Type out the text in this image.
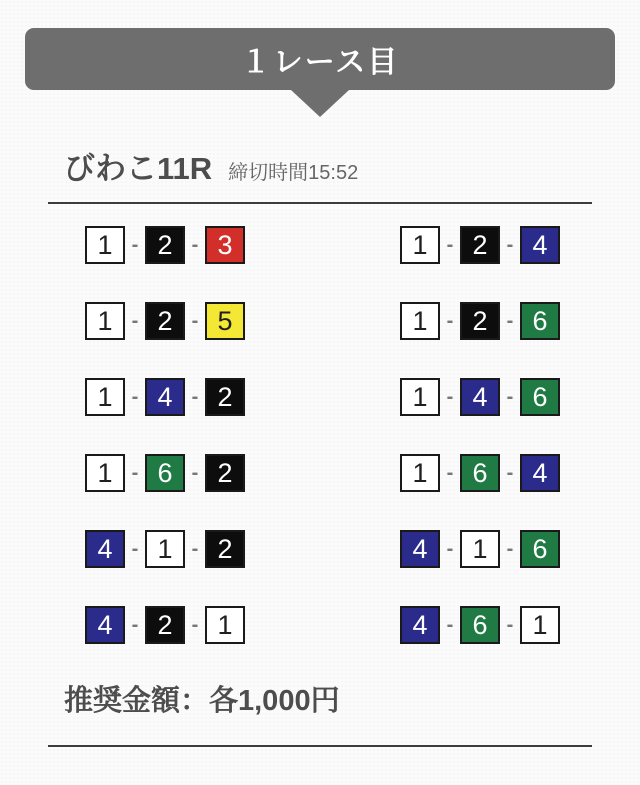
１レース目
びわこ11R 締切時間15:52
1 - 2 - 3	1 - 2 - 4
1 - 2 - 5	1 - 2 - 6
1 - 4 - 2	1 - 4 - 6
1 - 6 - 2	1 - 6 - 4
4 - 1 - 2	4 - 1 - 6
4 - 2 - 1	4 - 6 - 1
推奨金額：各1,000円
